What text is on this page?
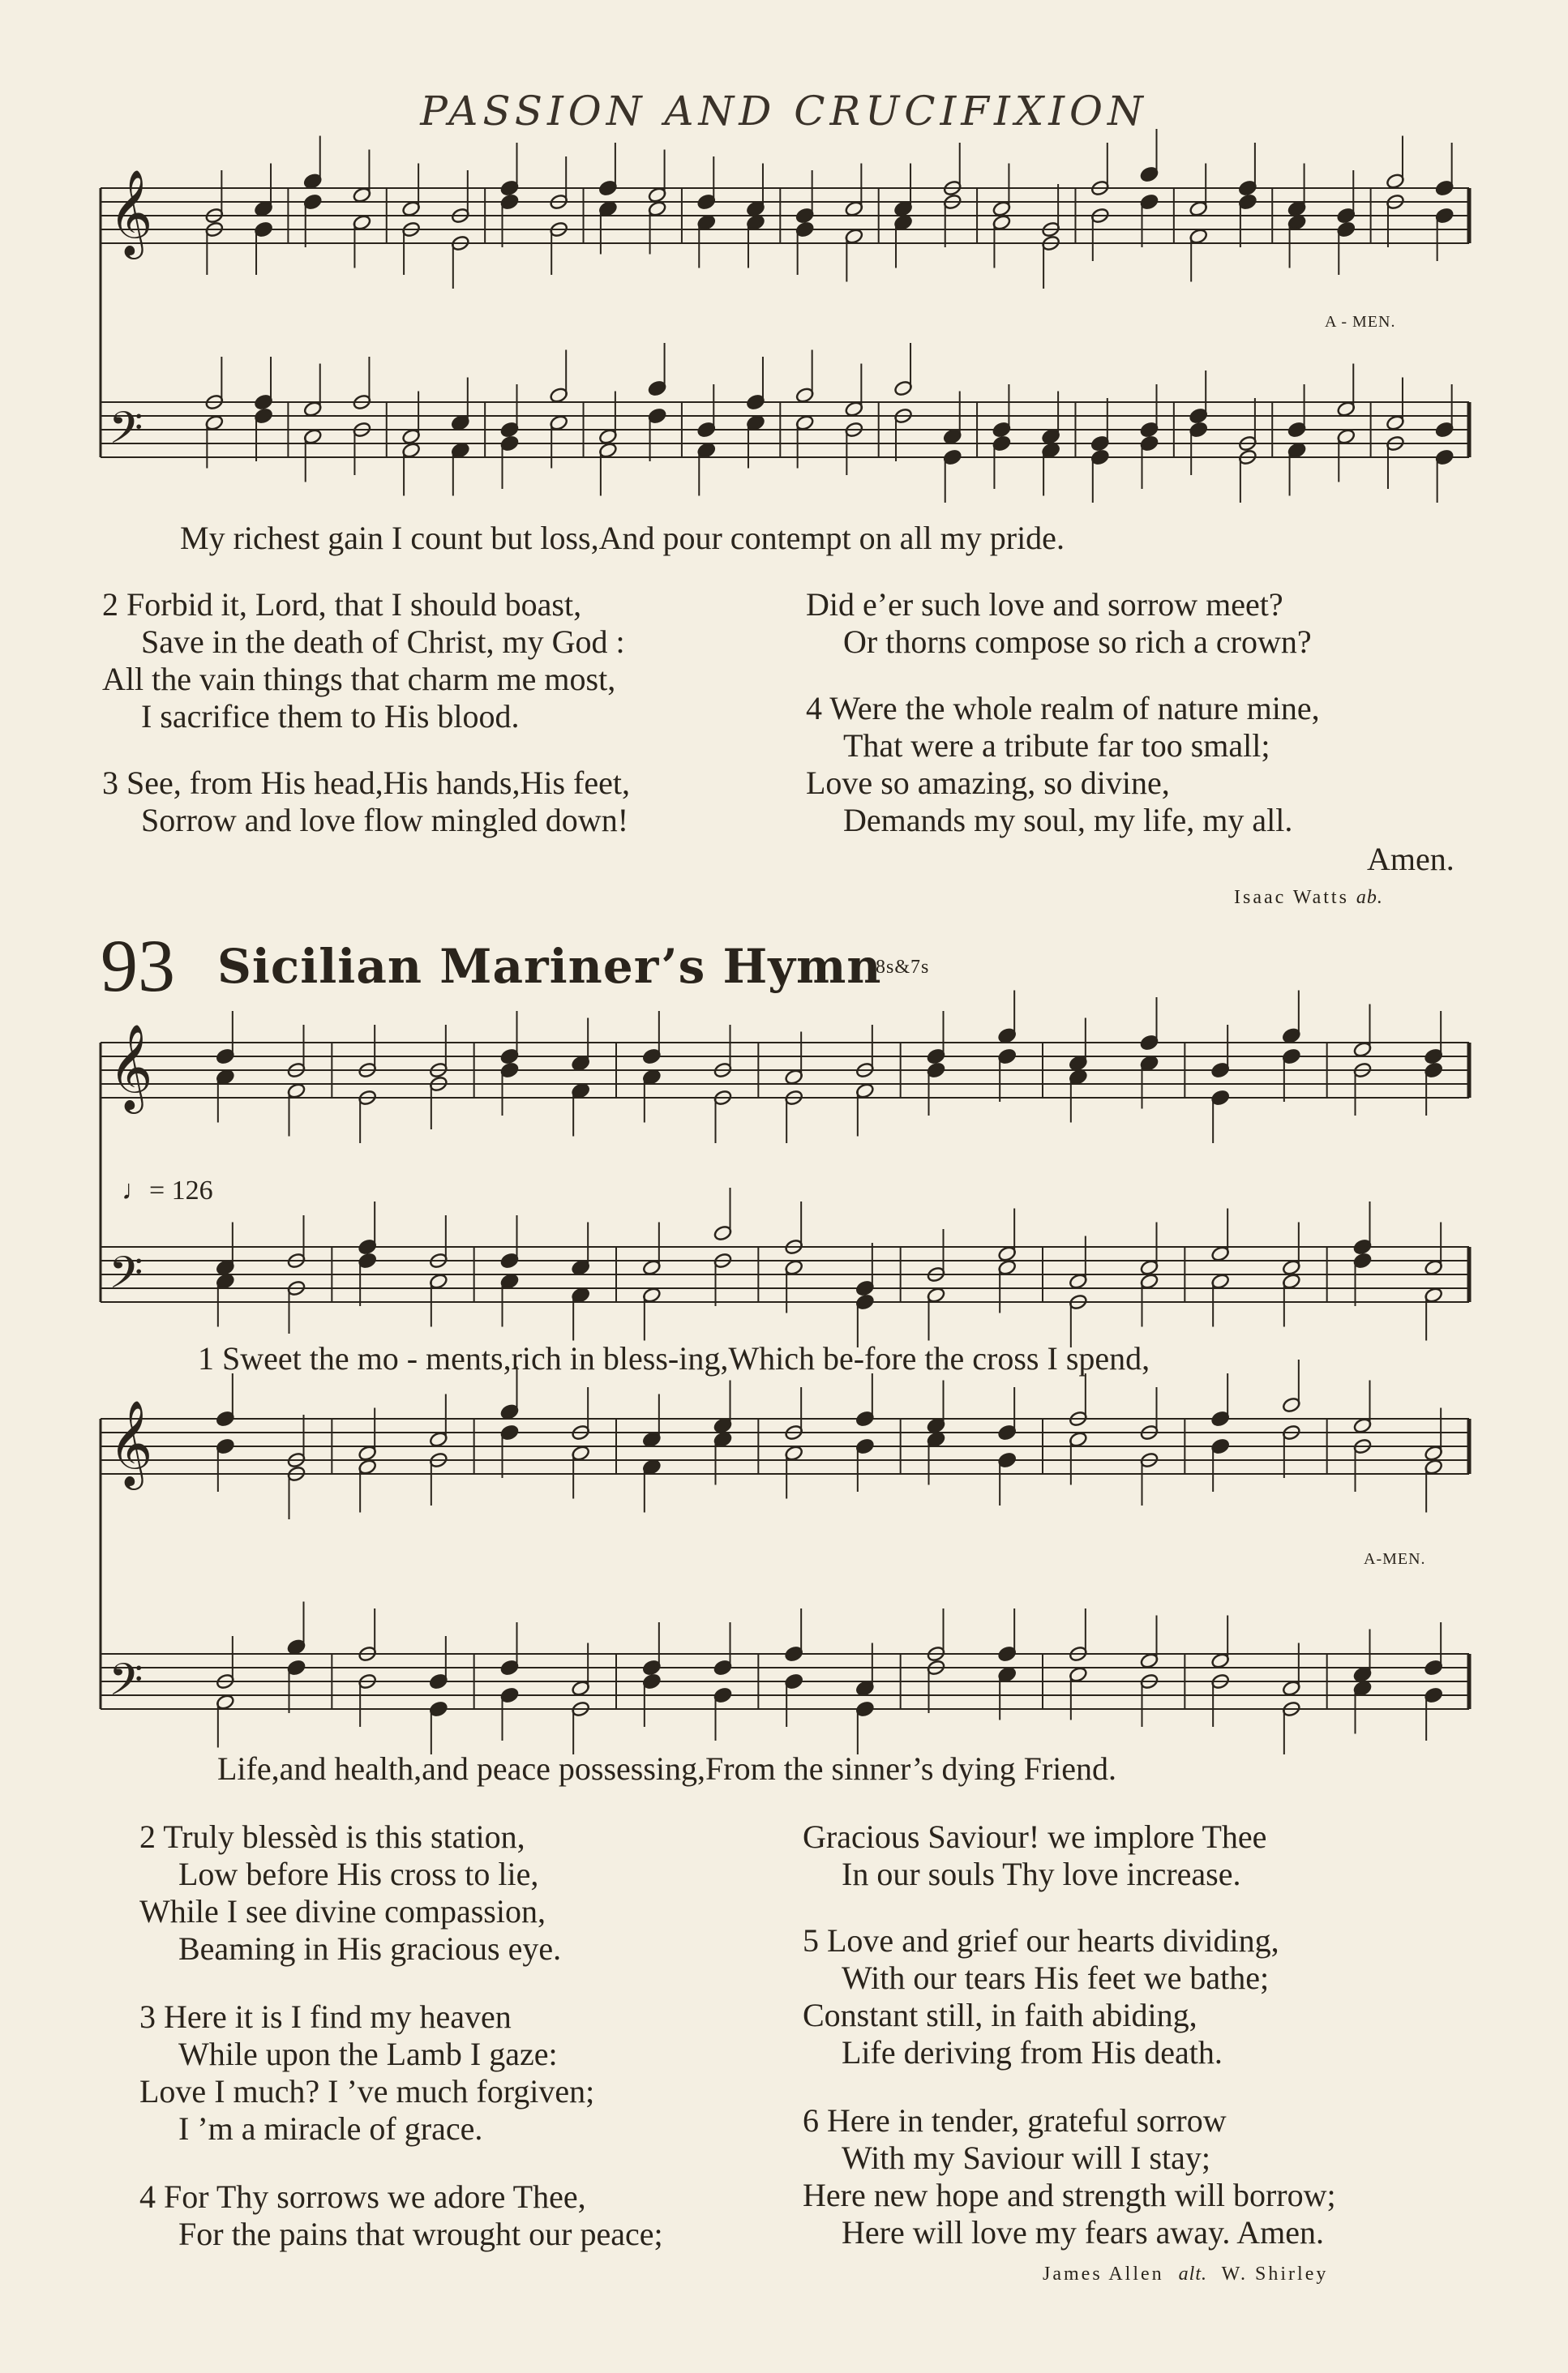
PASSION AND CRUCIFIXION
𝄞
𝄢
𝄞
𝄢
𝄞
𝄢
My richest gain I count but loss,And pour contempt on all my pride.
A - MEN.
2 Forbid it, Lord, that I should boast,
Save in the death of Christ, my God :
All the vain things that charm me most,
I sacrifice them to His blood.
3 See, from His head,His hands,His feet,
Sorrow and love flow mingled down!
Did e’er such love and sorrow meet?
Or thorns compose so rich a crown?
4 Were the whole realm of nature mine,
That were a tribute far too small;
Love so amazing, so divine,
Demands my soul, my life, my all.
Amen.
Isaac Watts ab.
93 Sicilian Mariner’s Hymn
8s&7s
♩= 126
1 Sweet the mo - ments,rich in bless-ing,Which be-fore the cross I spend,
Life,and health,and peace possessing,From the sinner’s dying Friend.
A-MEN.
2 Truly blessèd is this station,
Low before His cross to lie,
While I see divine compassion,
Beaming in His gracious eye.
3 Here it is I find my heaven
While upon the Lamb I gaze:
Love I much? I ’ve much forgiven;
I ’m a miracle of grace.
4 For Thy sorrows we adore Thee,
For the pains that wrought our peace;
Gracious Saviour! we implore Thee
In our souls Thy love increase.
5 Love and grief our hearts dividing,
With our tears His feet we bathe;
Constant still, in faith abiding,
Life deriving from His death.
6 Here in tender, grateful sorrow
With my Saviour will I stay;
Here new hope and strength will borrow;
Here will love my fears away. Amen.
James Allen alt. W. Shirley
